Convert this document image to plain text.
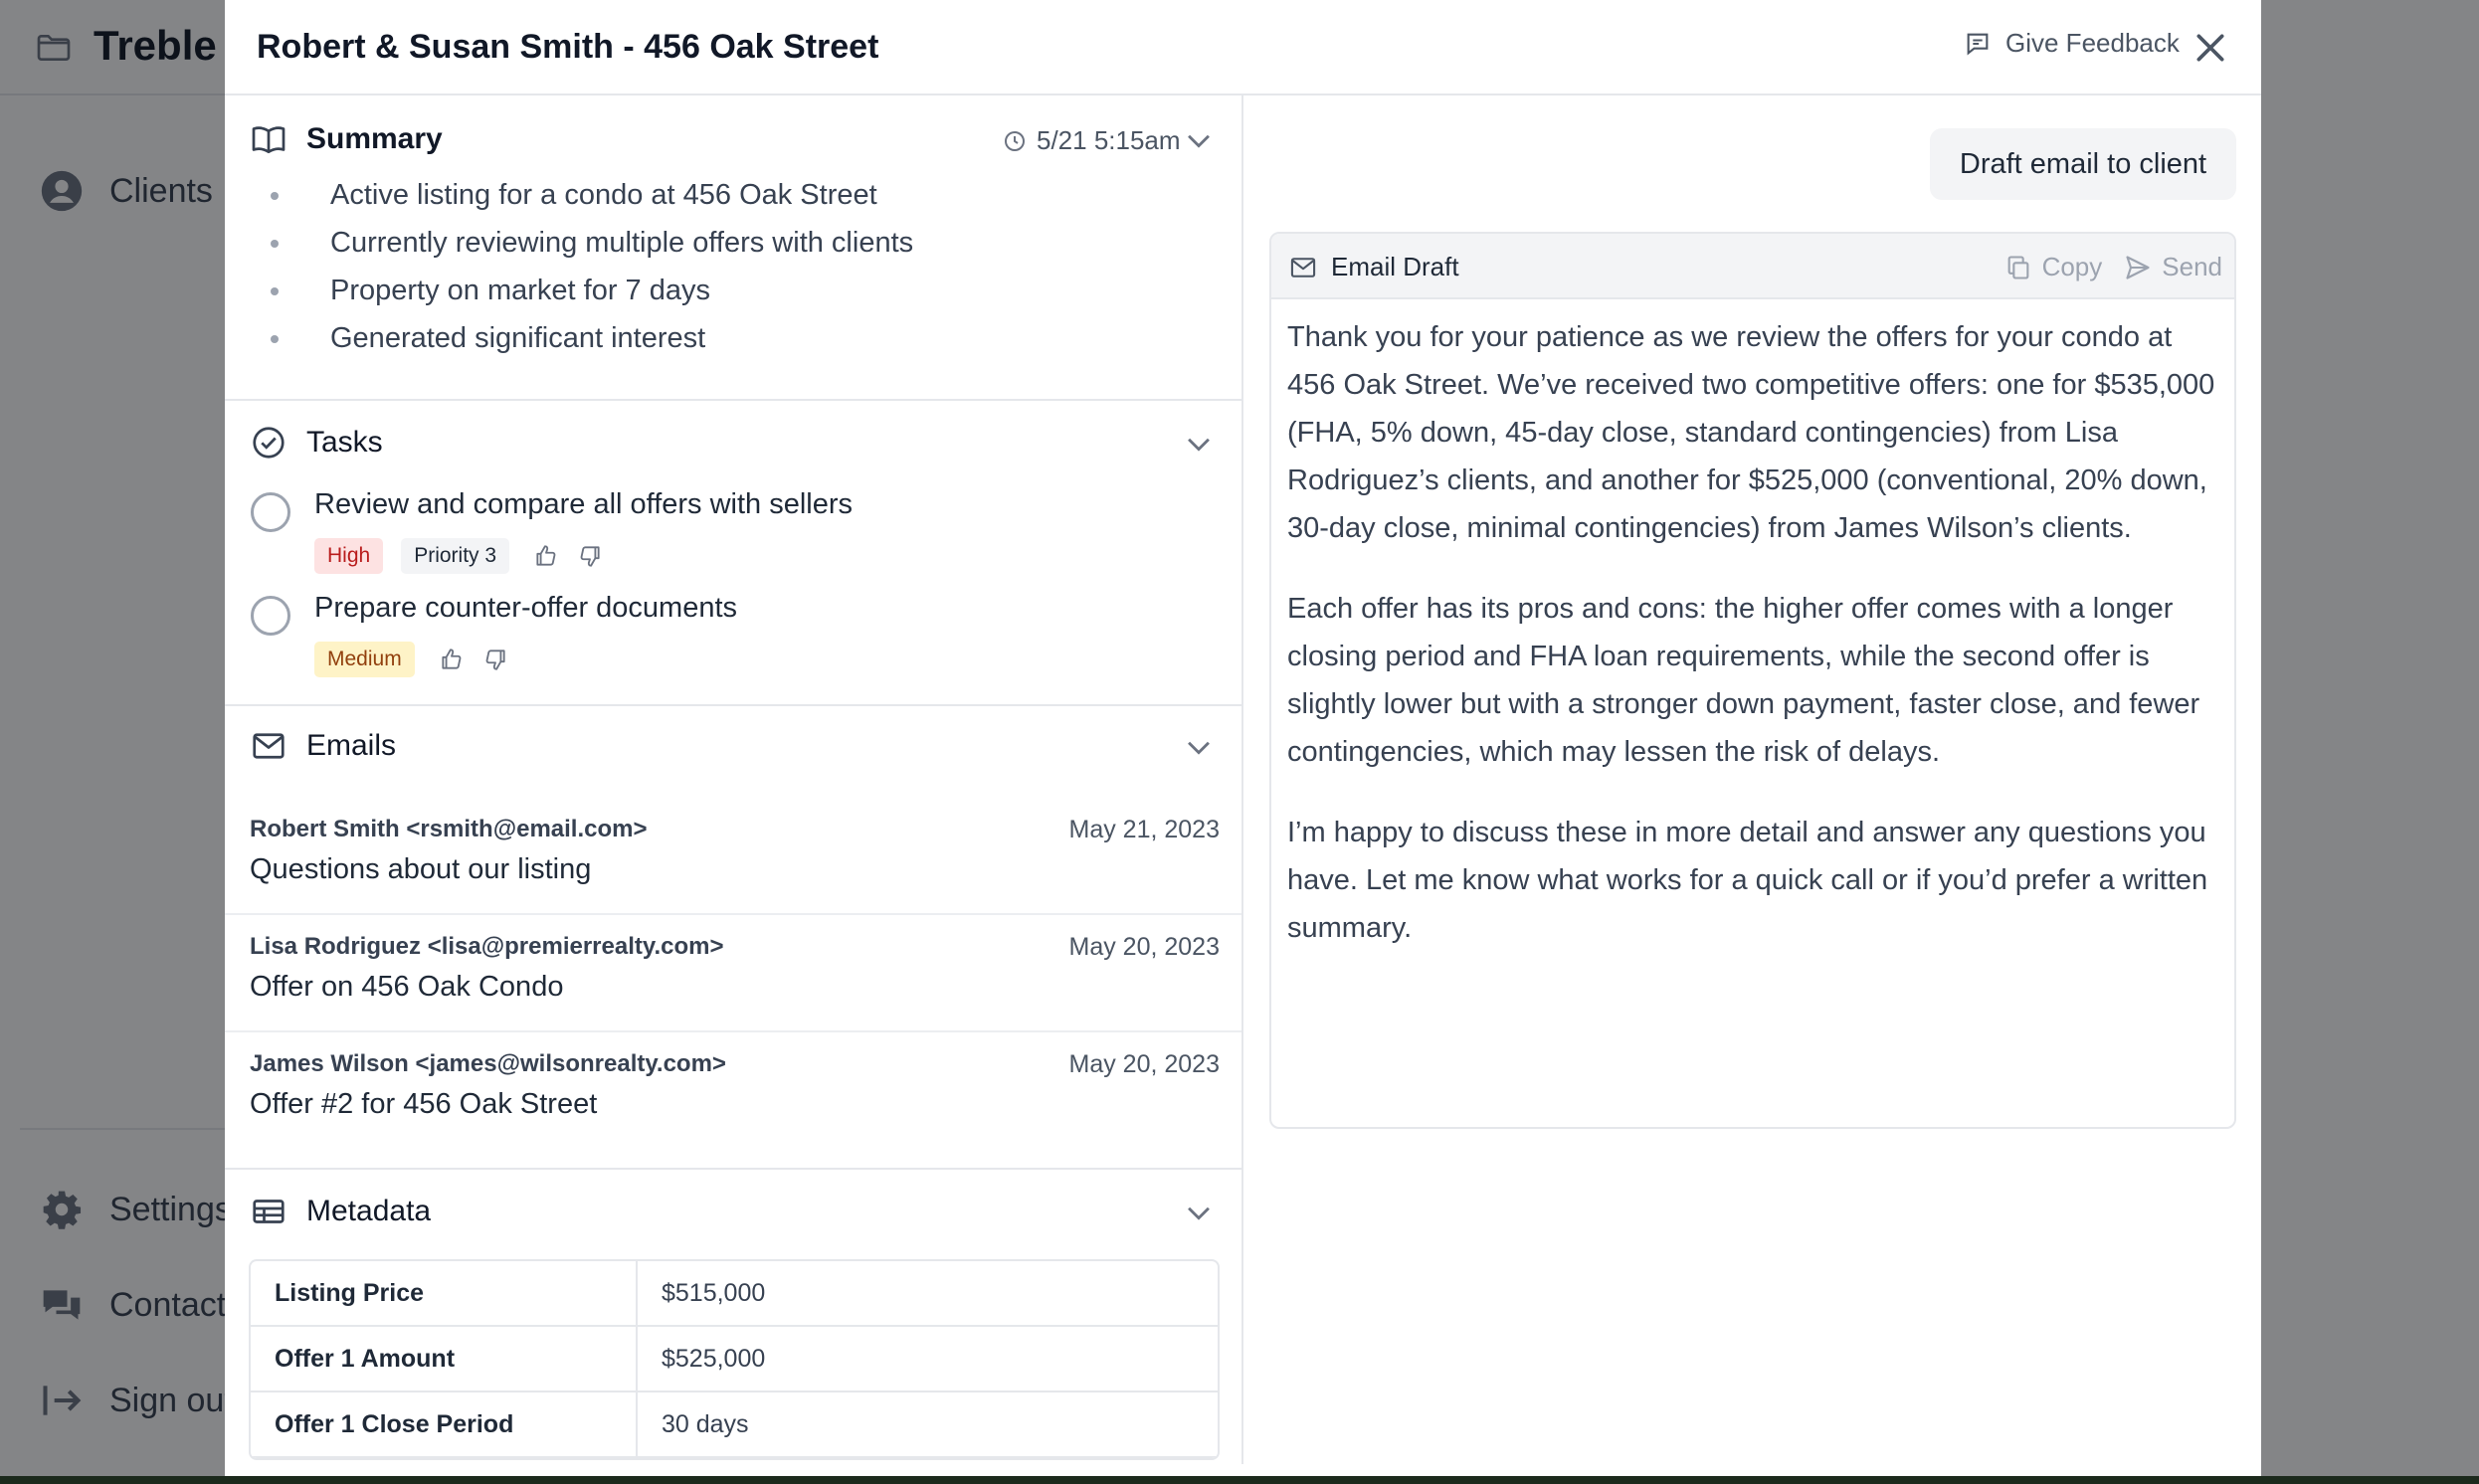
Robert & Susan Smith - 456 Oak Street	Give Feedback
Summary	5/21 5:15am
Active listing for a condo at 456 Oak Street
Currently reviewing multiple offers with clients
Property on market for 7 days
Generated significant interest
Tasks
Review and compare all offers with sellers
High	Priority 3
Prepare counter-offer documents
Medium
Emails
Robert Smith <rsmith@email.com>	May 21, 2023
Questions about our listing
Lisa Rodriguez <lisa@premierrealty.com>	May 20, 2023
Offer on 456 Oak Condo
James Wilson <james@wilsonrealty.com>	May 20, 2023
Offer #2 for 456 Oak Street
Metadata
Listing Price	$515,000
Offer 1 Amount	$525,000
Offer 1 Close Period	30 days
Draft email to client
Email Draft	Copy Send

Thank you for your patience as we review the offers for your condo at 456 Oak Street. We’ve received two competitive offers: one for $535,000 (FHA, 5% down, 45-day close, standard contingencies) from Lisa Rodriguez’s clients, and another for $525,000 (conventional, 20% down, 30-day close, minimal contingencies) from James Wilson’s clients.

Each offer has its pros and cons: the higher offer comes with a longer closing period and FHA loan requirements, while the second offer is slightly lower but with a stronger down payment, faster close, and fewer contingencies, which may lessen the risk of delays.

I’m happy to discuss these in more detail and answer any questions you have. Let me know what works for a quick call or if you’d prefer a written summary.
